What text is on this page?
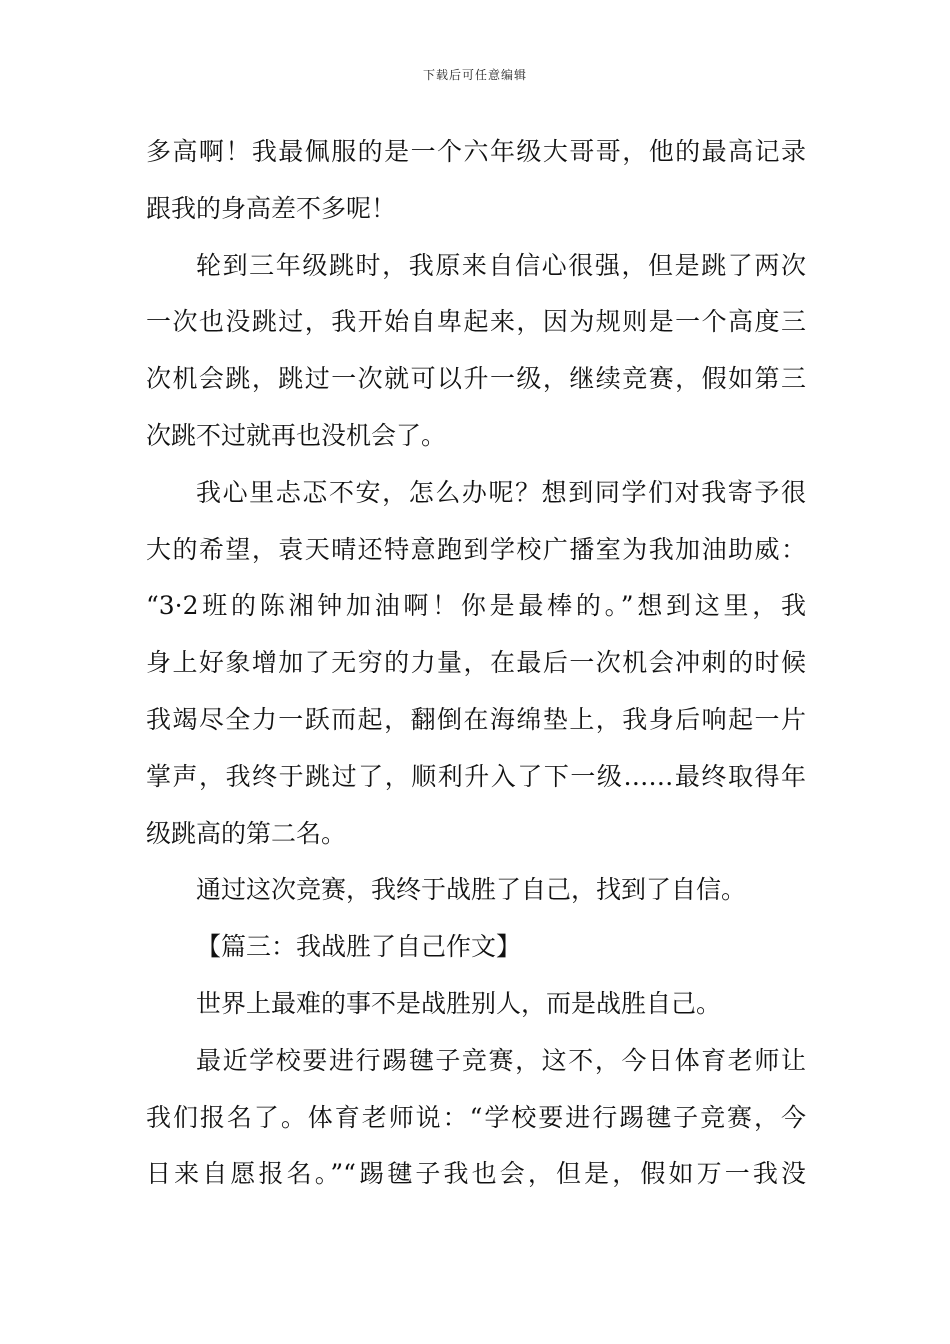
下载后可任意编辑
多高啊！我最佩服的是一个六年级大哥哥，他的最高记录
跟我的身高差不多呢！
轮到三年级跳时，我原来自信心很强，但是跳了两次
一次也没跳过，我开始自卑起来，因为规则是一个高度三
次机会跳，跳过一次就可以升一级，继续竞赛，假如第三
次跳不过就再也没机会了。
我心里忐忑不安，怎么办呢？想到同学们对我寄予很
大的希望，袁天晴还特意跑到学校广播室为我加油助威：
“3·2班的陈湘钟加油啊！你是最棒的。”想到这里，我
身上好象增加了无穷的力量，在最后一次机会冲刺的时候
我竭尽全力一跃而起，翻倒在海绵垫上，我身后响起一片
掌声，我终于跳过了，顺利升入了下一级……最终取得年
级跳高的第二名。
通过这次竞赛，我终于战胜了自己，找到了自信。
【篇三：我战胜了自己作文】
世界上最难的事不是战胜别人，而是战胜自己。
最近学校要进行踢毽子竞赛，这不，今日体育老师让
我们报名了。体育老师说：“学校要进行踢毽子竞赛，今
日来自愿报名。”“踢毽子我也会，但是，假如万一我没
